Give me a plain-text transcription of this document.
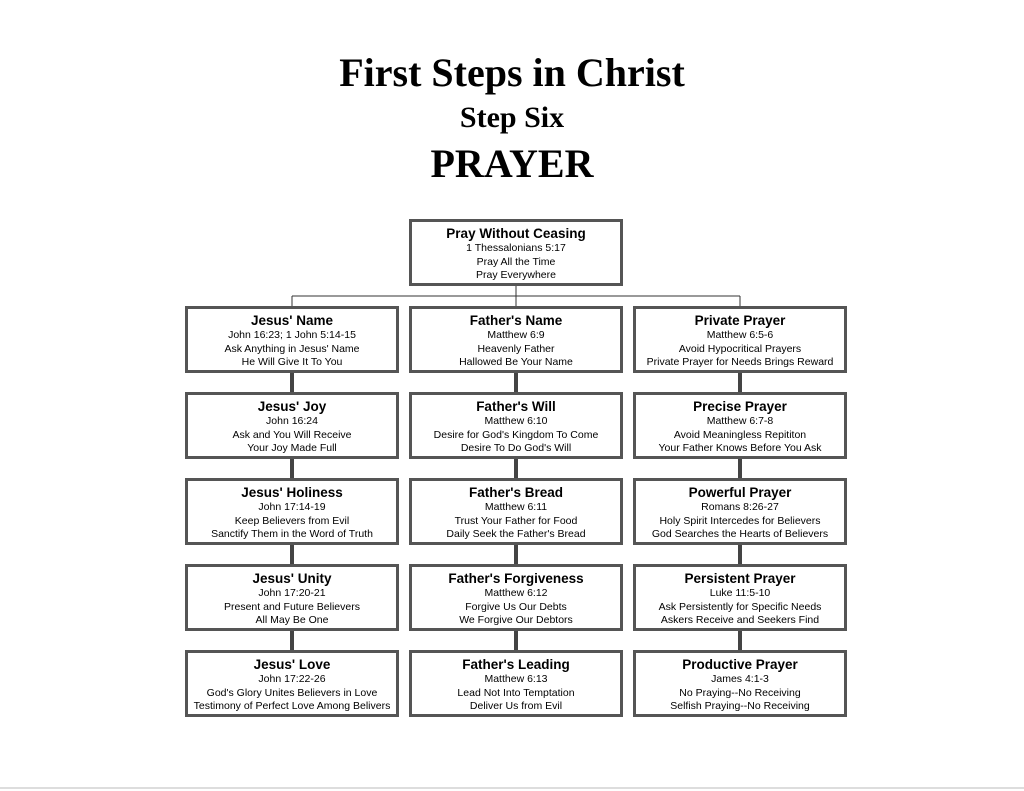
First Steps in Christ
Step Six
PRAYER
Pray Without Ceasing
1 Thessalonians 5:17
Pray All the Time
Pray Everywhere
Jesus' Name
John 16:23; 1 John 5:14-15
Ask Anything in Jesus' Name
He Will Give It To You
Jesus' Joy
John 16:24
Ask and You Will Receive
Your Joy Made Full
Jesus' Holiness
John 17:14-19
Keep Believers from Evil
Sanctify Them in the Word of Truth
Jesus' Unity
John 17:20-21
Present and Future Believers
All May Be One
Jesus' Love
John 17:22-26
God's Glory Unites Believers in Love
Testimony of Perfect Love Among Belivers
Father's Name
Matthew 6:9
Heavenly Father
Hallowed Be Your Name
Father's Will
Matthew 6:10
Desire for God's Kingdom To Come
Desire To Do God's Will
Father's Bread
Matthew 6:11
Trust Your Father for Food
Daily Seek the Father's Bread
Father's Forgiveness
Matthew 6:12
Forgive Us Our Debts
We Forgive Our Debtors
Father's Leading
Matthew 6:13
Lead Not Into Temptation
Deliver Us from Evil
Private Prayer
Matthew 6:5-6
Avoid Hypocritical Prayers
Private Prayer for Needs Brings Reward
Precise Prayer
Matthew 6:7-8
Avoid Meaningless Repititon
Your Father Knows Before You Ask
Powerful Prayer
Romans 8:26-27
Holy Spirit Intercedes for Believers
God Searches the Hearts of Believers
Persistent Prayer
Luke 11:5-10
Ask Persistently for Specific Needs
Askers Receive and Seekers Find
Productive Prayer
James 4:1-3
No Praying--No Receiving
Selfish Praying--No Receiving
